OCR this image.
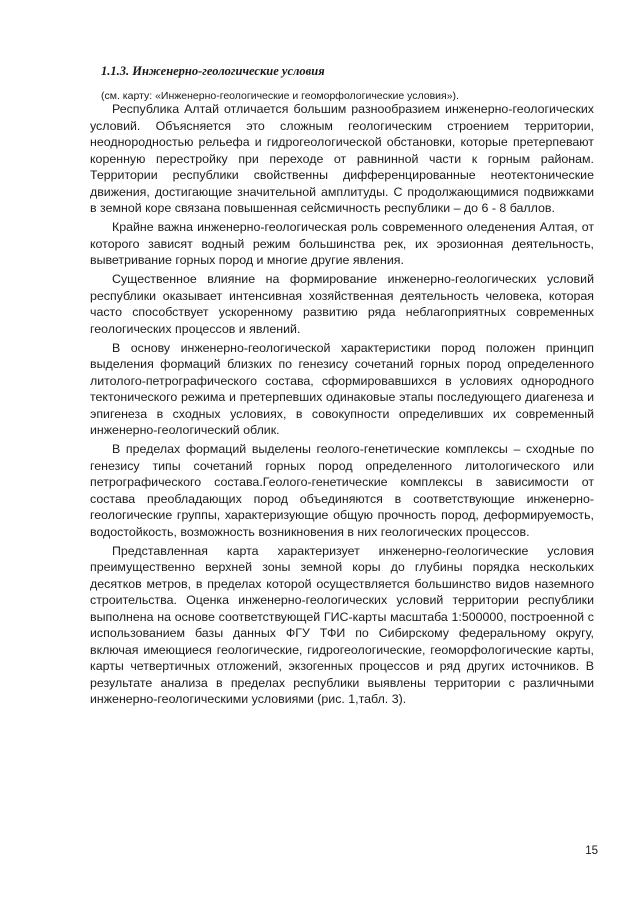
1.1.3. Инженерно-геологические условия
(см. карту: «Инженерно-геологические и геоморфологические условия»).

Республика Алтай отличается большим разнообразием инженерно-геологических условий. Объясняется это сложным геологическим строением территории, неоднородностью рельефа и гидрогеологической обстановки, которые претерпевают коренную перестройку при переходе от равнинной части к горным районам. Территории республики свойственны дифференцированные неотектонические движения, достигающие значительной амплитуды. С продолжающимися подвижками в земной коре связана повышенная сейсмичность республики – до 6 - 8 баллов.

Крайне важна инженерно-геологическая роль современного оледенения Алтая, от которого зависят водный режим большинства рек, их эрозионная деятельность, выветривание горных пород и многие другие явления.

Существенное влияние на формирование инженерно-геологических условий республики оказывает интенсивная хозяйственная деятельность человека, которая часто способствует ускоренному развитию ряда неблагоприятных современных геологических процессов и явлений.

В основу инженерно-геологической характеристики пород положен принцип выделения формаций близких по генезису сочетаний горных пород определенного литолого-петрографического состава, сформировавшихся в условиях однородного тектонического режима и претерпевших одинаковые этапы последующего диагенеза и эпигенеза в сходных условиях, в совокупности определивших их современный инженерно-геологический облик.

В пределах формаций выделены геолого-генетические комплексы – сходные по генезису типы сочетаний горных пород определенного литологического или петрографического состава.Геолого-генетические комплексы в зависимости от состава преобладающих пород объединяются в соответствующие инженерно-геологические группы, характеризующие общую прочность пород, деформируемость, водостойкость, возможность возникновения в них геологических процессов.

Представленная карта характеризует инженерно-геологические условия преимущественно верхней зоны земной коры до глубины порядка нескольких десятков метров, в пределах которой осуществляется большинство видов наземного строительства. Оценка инженерно-геологических условий территории республики выполнена на основе соответствующей ГИС-карты масштаба 1:500000, построенной с использованием базы данных ФГУ ТФИ по Сибирскому федеральному округу, включая имеющиеся геологические, гидрогеологические, геоморфологические карты, карты четвертичных отложений, экзогенных процессов и ряд других источников. В результате анализа в пределах республики выявлены территории с различными инженерно-геологическими условиями (рис. 1,табл. 3).

15
